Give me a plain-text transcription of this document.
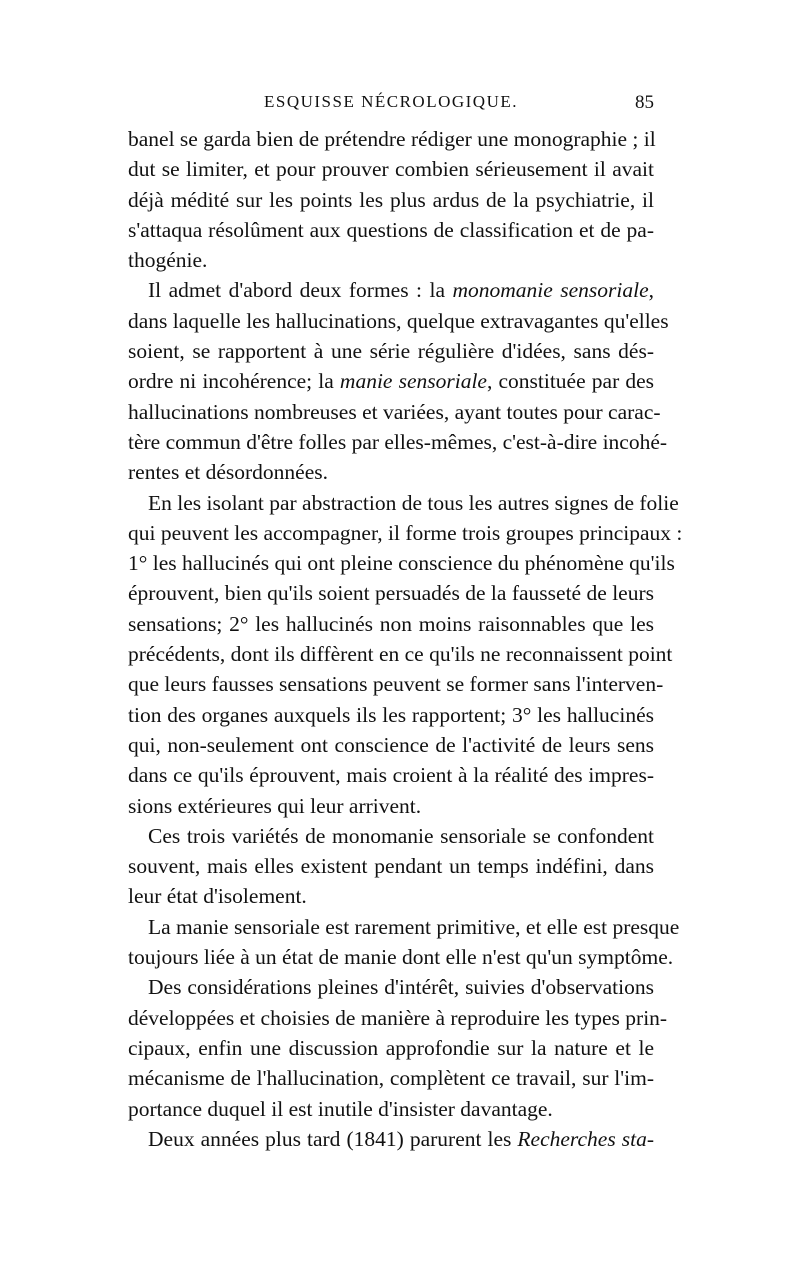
ESQUISSE NÉCROLOGIQUE.	85
banel se garda bien de prétendre rédiger une monographie ; il
dut se limiter, et pour prouver combien sérieusement il avait
déjà médité sur les points les plus ardus de la psychiatrie, il
s'attaqua résolûment aux questions de classification et de pa-
thogénie.
Il admet d'abord deux formes : la monomanie sensoriale,
dans laquelle les hallucinations, quelque extravagantes qu'elles
soient, se rapportent à une série régulière d'idées, sans dés-
ordre ni incohérence; la manie sensoriale, constituée par des
hallucinations nombreuses et variées, ayant toutes pour carac-
tère commun d'être folles par elles-mêmes, c'est-à-dire incohé-
rentes et désordonnées.
En les isolant par abstraction de tous les autres signes de folie
qui peuvent les accompagner, il forme trois groupes principaux :
1° les hallucinés qui ont pleine conscience du phénomène qu'ils
éprouvent, bien qu'ils soient persuadés de la fausseté de leurs
sensations; 2° les hallucinés non moins raisonnables que les
précédents, dont ils diffèrent en ce qu'ils ne reconnaissent point
que leurs fausses sensations peuvent se former sans l'interven-
tion des organes auxquels ils les rapportent; 3° les hallucinés
qui, non-seulement ont conscience de l'activité de leurs sens
dans ce qu'ils éprouvent, mais croient à la réalité des impres-
sions extérieures qui leur arrivent.
Ces trois variétés de monomanie sensoriale se confondent
souvent, mais elles existent pendant un temps indéfini, dans
leur état d'isolement.
La manie sensoriale est rarement primitive, et elle est presque
toujours liée à un état de manie dont elle n'est qu'un symptôme.
Des considérations pleines d'intérêt, suivies d'observations
développées et choisies de manière à reproduire les types prin-
cipaux, enfin une discussion approfondie sur la nature et le
mécanisme de l'hallucination, complètent ce travail, sur l'im-
portance duquel il est inutile d'insister davantage.
Deux années plus tard (1841) parurent les Recherches sta-
